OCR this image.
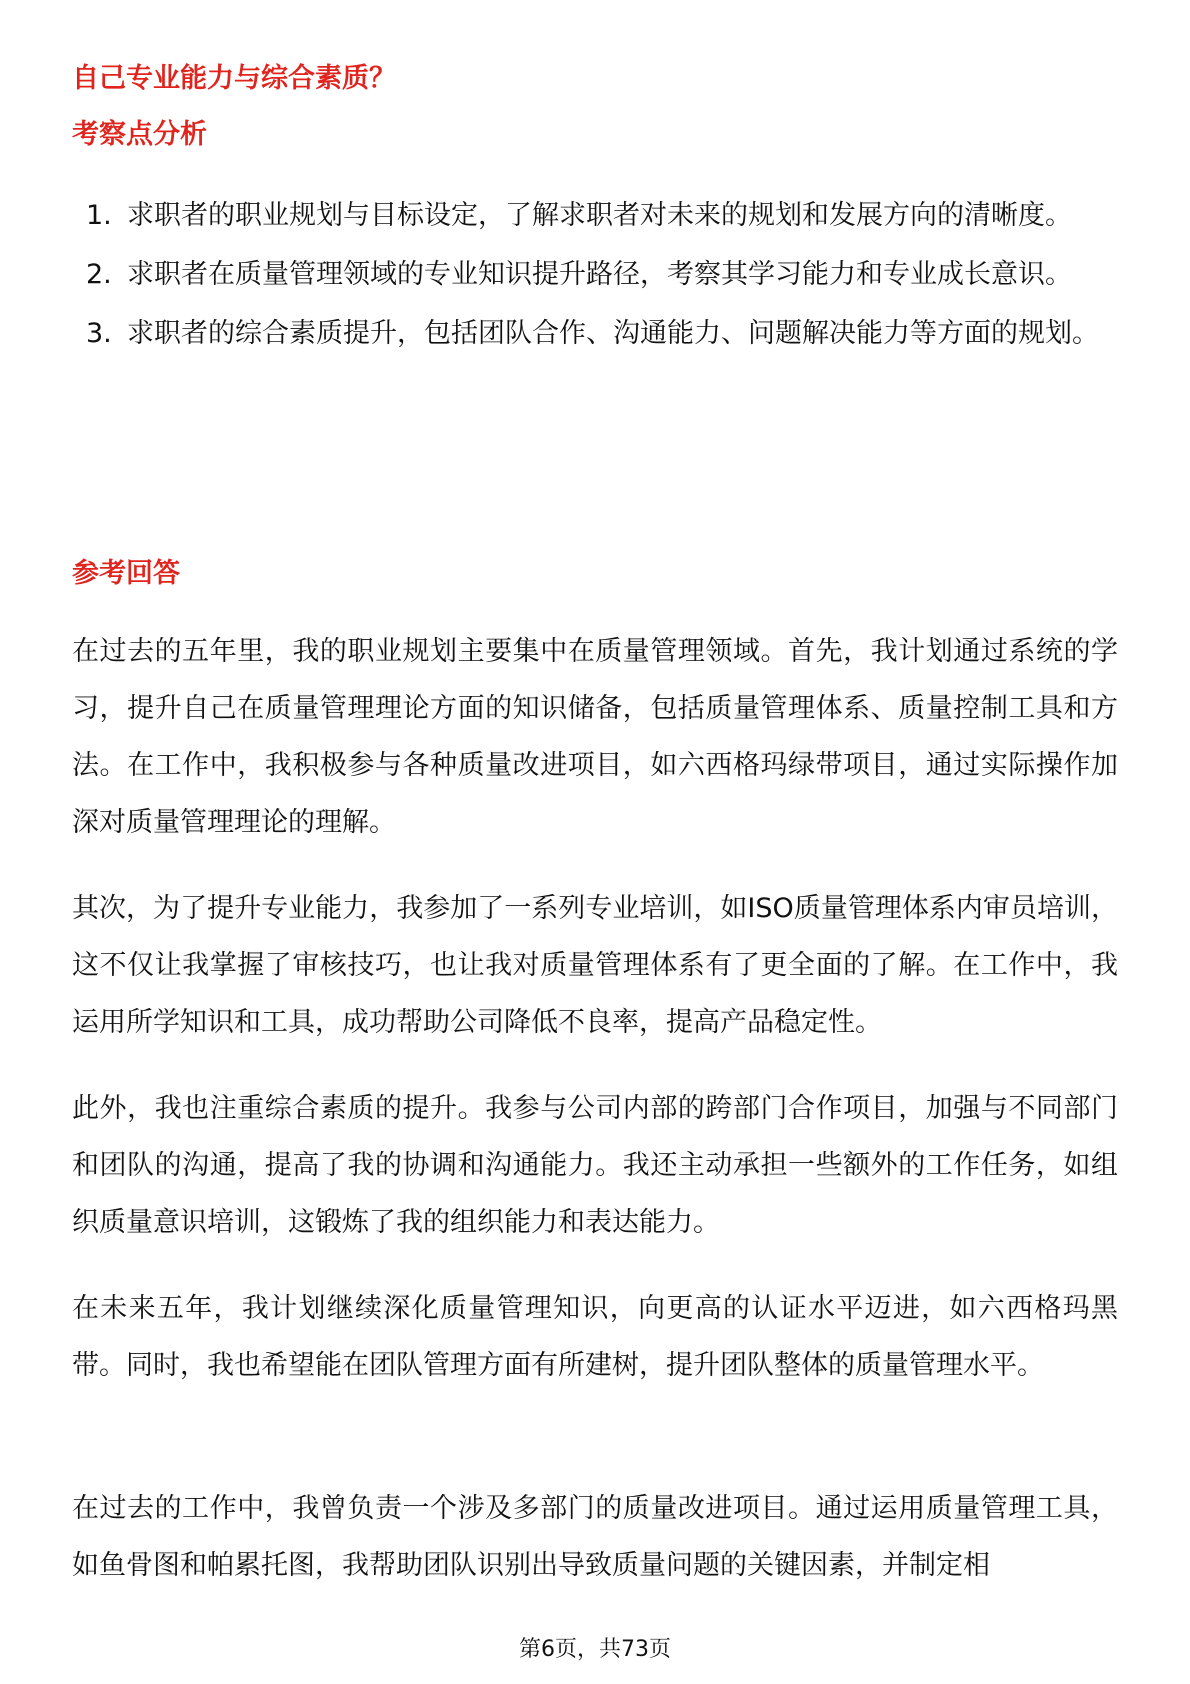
自己专业能力与综合素质？
考察点分析
1. 求职者的职业规划与目标设定，了解求职者对未来的规划和发展方向的清晰度。
2. 求职者在质量管理领域的专业知识提升路径，考察其学习能力和专业成长意识。
3. 求职者的综合素质提升，包括团队合作、沟通能力、问题解决能力等方面的规划。
参考回答

在过去的五年里，我的职业规划主要集中在质量管理领域。首先，我计划通过系统的学习，提升自己在质量管理理论方面的知识储备，包括质量管理体系、质量控制工具和方法。在工作中，我积极参与各种质量改进项目，如六西格玛绿带项目，通过实际操作加深对质量管理理论的理解。

其次，为了提升专业能力，我参加了一系列专业培训，如ISO质量管理体系内审员培训，这不仅让我掌握了审核技巧，也让我对质量管理体系有了更全面的了解。在工作中，我运用所学知识和工具，成功帮助公司降低不良率，提高产品稳定性。

此外，我也注重综合素质的提升。我参与公司内部的跨部门合作项目，加强与不同部门和团队的沟通，提高了我的协调和沟通能力。我还主动承担一些额外的工作任务，如组织质量意识培训，这锻炼了我的组织能力和表达能力。

在未来五年，我计划继续深化质量管理知识，向更高的认证水平迈进，如六西格玛黑带。同时，我也希望能在团队管理方面有所建树，提升团队整体的质量管理水平。

在过去的工作中，我曾负责一个涉及多部门的质量改进项目。通过运用质量管理工具，如鱼骨图和帕累托图，我帮助团队识别出导致质量问题的关键因素，并制定相

第6页，共73页
